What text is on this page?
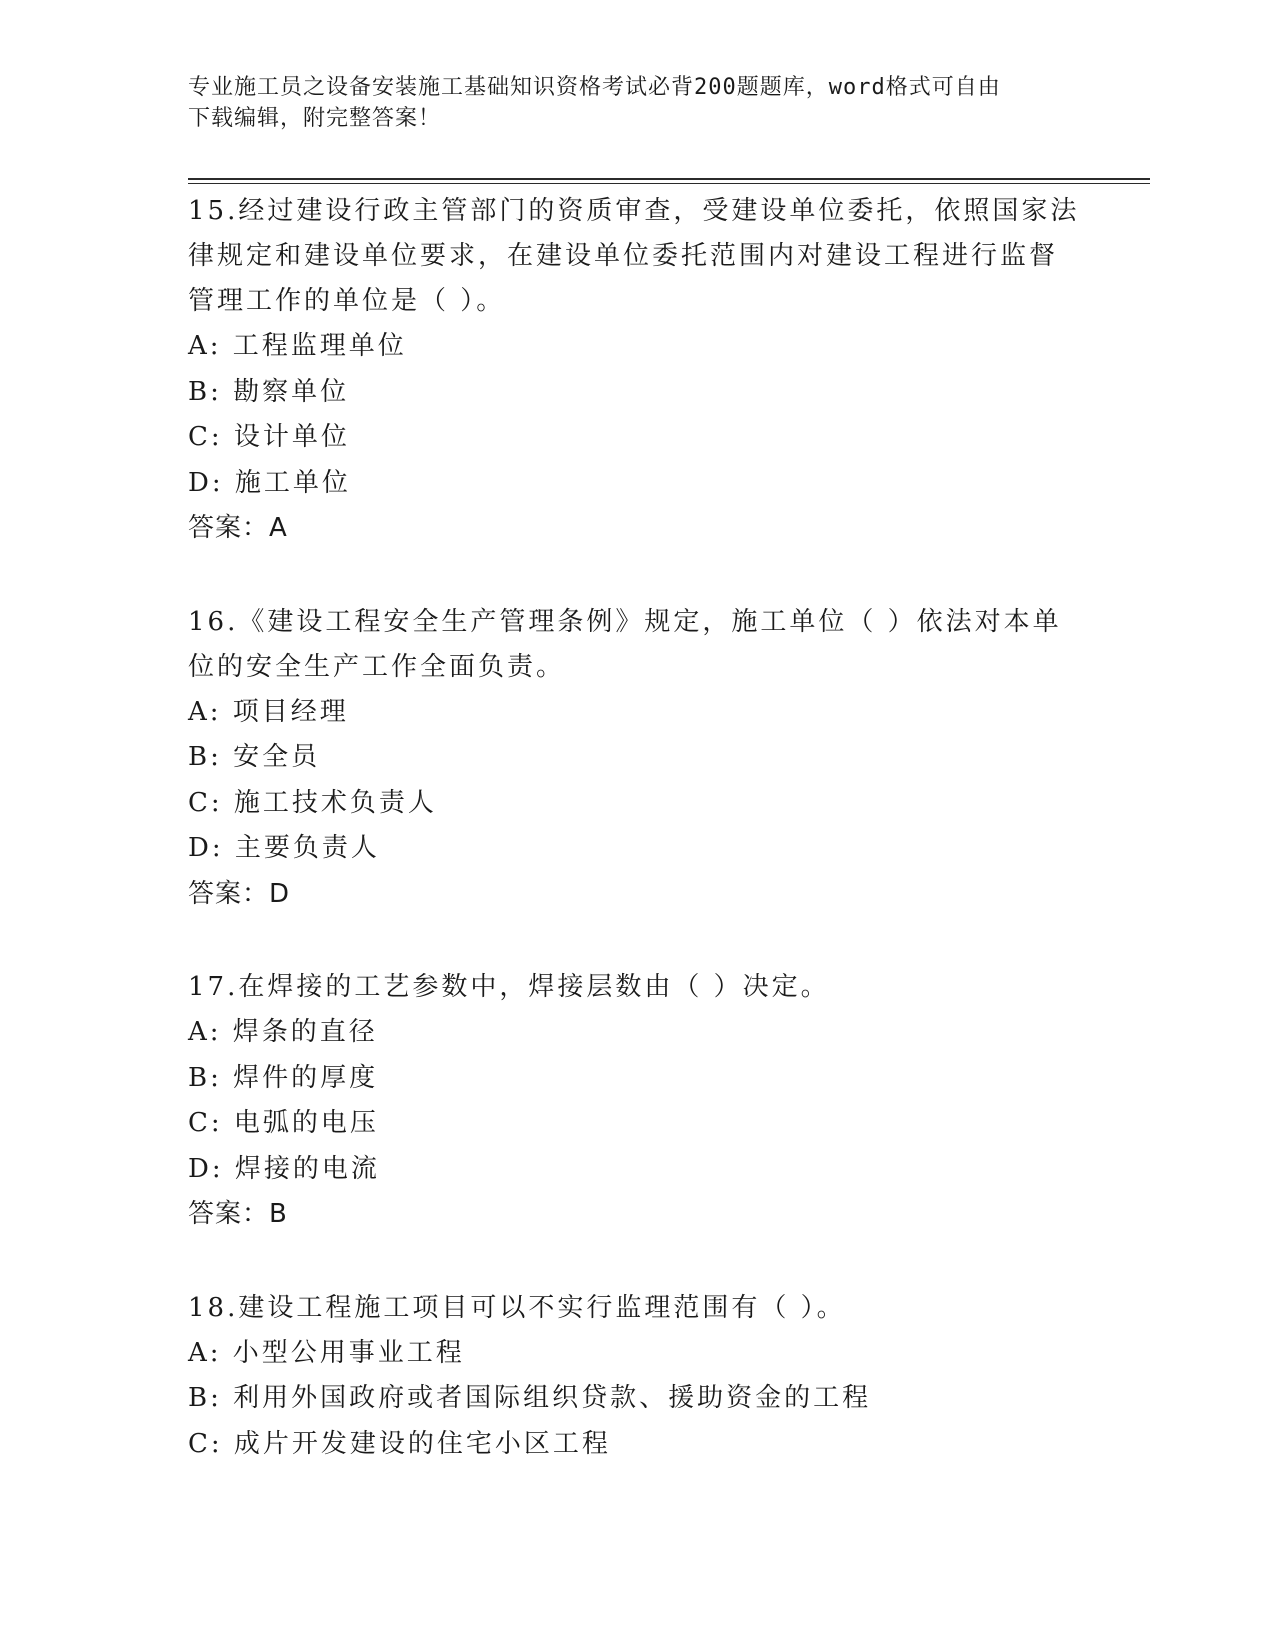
专业施工员之设备安装施工基础知识资格考试必背200题题库，word格式可自由
下载编辑，附完整答案！
15.经过建设行政主管部门的资质审查，受建设单位委托，依照国家法
律规定和建设单位要求，在建设单位委托范围内对建设工程进行监督
管理工作的单位是（ ）。
A: 工程监理单位
B: 勘察单位
C: 设计单位
D: 施工单位
答案：A
16.《建设工程安全生产管理条例》规定，施工单位（ ）依法对本单
位的安全生产工作全面负责。
A: 项目经理
B: 安全员
C: 施工技术负责人
D: 主要负责人
答案：D
17.在焊接的工艺参数中，焊接层数由（ ）决定。
A: 焊条的直径
B: 焊件的厚度
C: 电弧的电压
D: 焊接的电流
答案：B
18.建设工程施工项目可以不实行监理范围有（ ）。
A: 小型公用事业工程
B: 利用外国政府或者国际组织贷款、援助资金的工程
C: 成片开发建设的住宅小区工程
